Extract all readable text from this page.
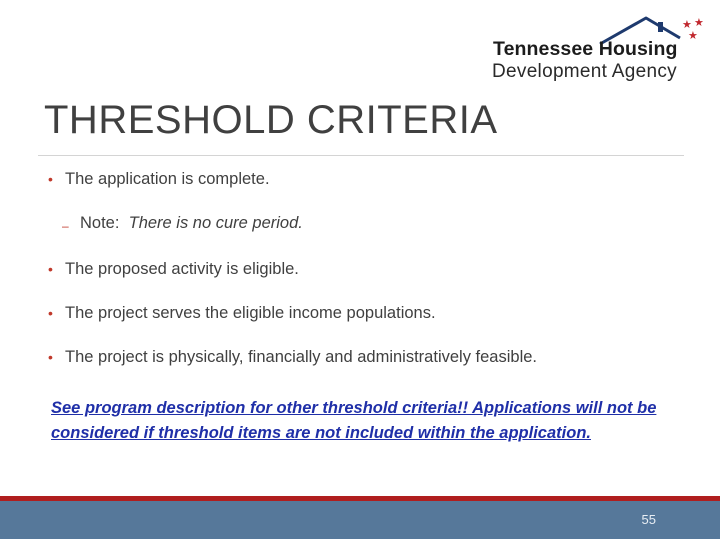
★ ★
★
Tennessee Housing
Development Agency
THRESHOLD CRITERIA
• The application is complete.
– Note: There is no cure period.
• The proposed activity is eligible.
• The project serves the eligible income populations.
• The project is physically, financially and administratively feasible.
See program description for other threshold criteria!! Applications will not be considered if threshold items are not included within the application.
55
